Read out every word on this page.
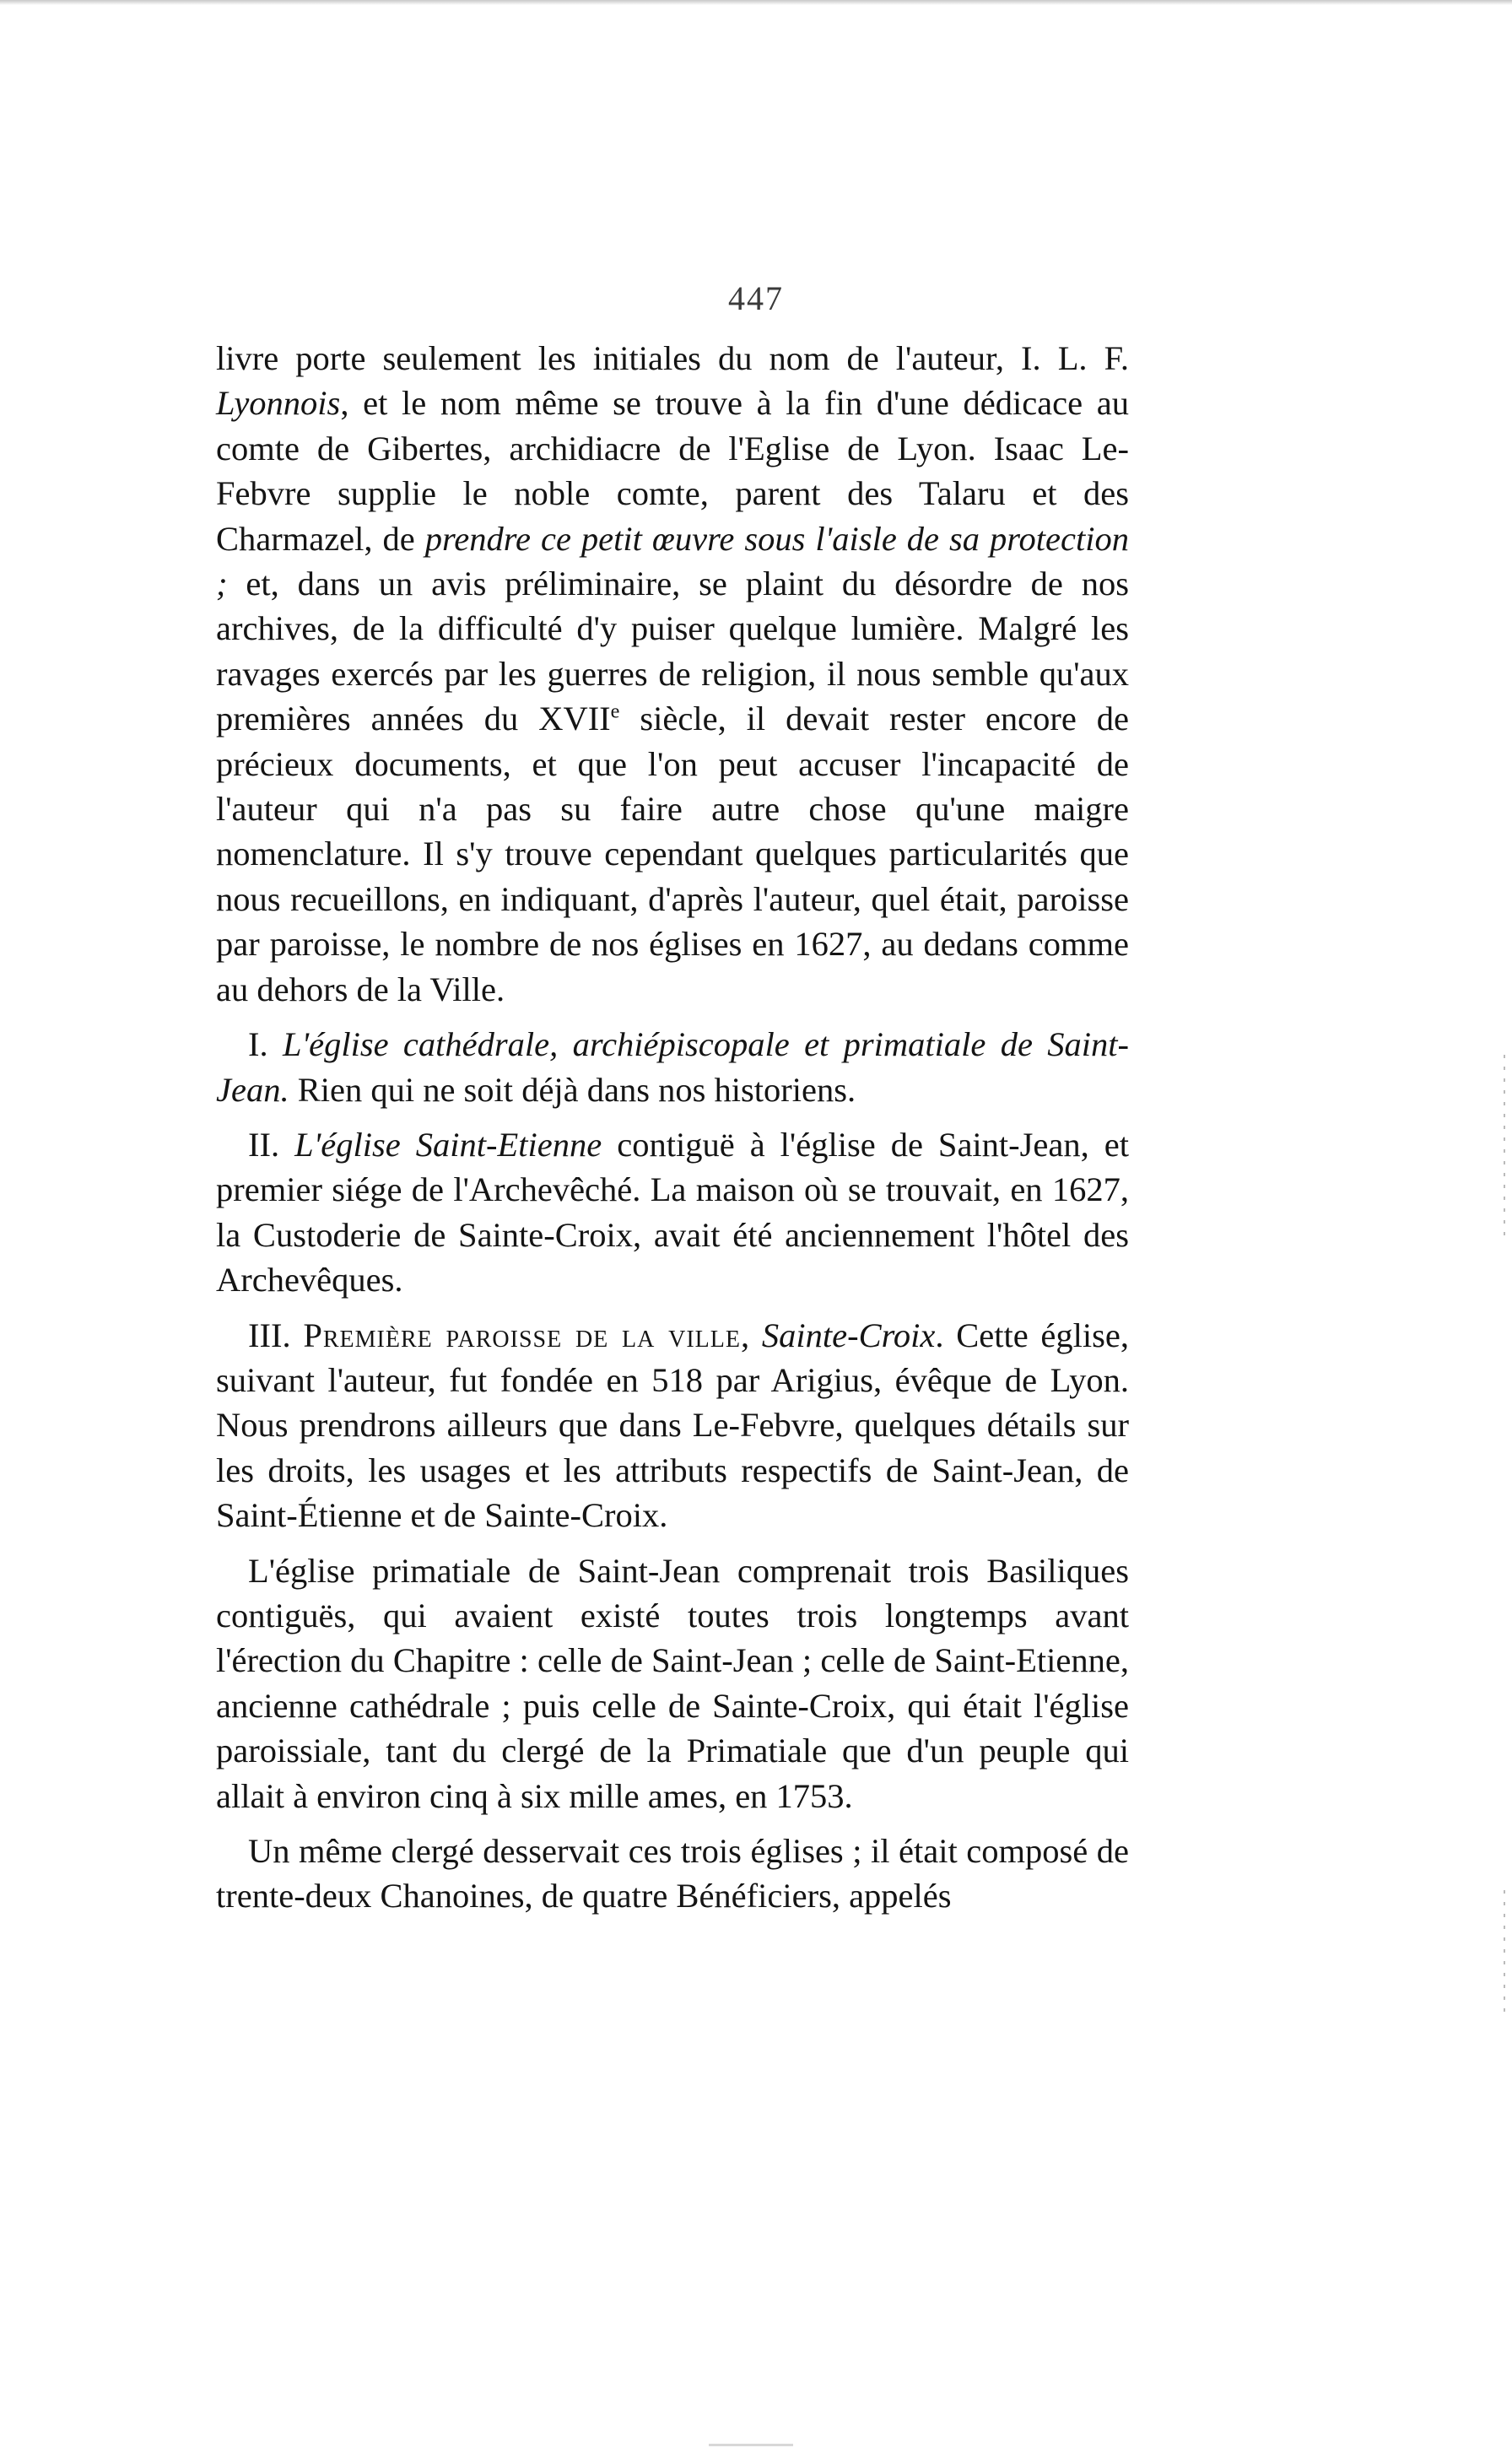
447

livre porte seulement les initiales du nom de l'auteur, I. L. F. Lyonnois, et le nom même se trouve à la fin d'une dédicace au comte de Gibertes, archidiacre de l'Eglise de Lyon. Isaac Le-Febvre supplie le noble comte, parent des Talaru et des Charmazel, de prendre ce petit œuvre sous l'aisle de sa protection ; et, dans un avis préliminaire, se plaint du désordre de nos archives, de la difficulté d'y puiser quelque lumière. Malgré les ravages exercés par les guerres de religion, il nous semble qu'aux premières années du XVIIe siècle, il devait rester encore de précieux documents, et que l'on peut accuser l'incapacité de l'auteur qui n'a pas su faire autre chose qu'une maigre nomenclature. Il s'y trouve cependant quelques particularités que nous recueillons, en indiquant, d'après l'auteur, quel était, paroisse par paroisse, le nombre de nos églises en 1627, au dedans comme au dehors de la Ville.

I. L'église cathédrale, archiépiscopale et primatiale de Saint-Jean. Rien qui ne soit déjà dans nos historiens.

II. L'église Saint-Etienne contiguë à l'église de Saint-Jean, et premier siége de l'Archevêché. La maison où se trouvait, en 1627, la Custoderie de Sainte-Croix, avait été anciennement l'hôtel des Archevêques.

III. Première paroisse de la ville, Sainte-Croix. Cette église, suivant l'auteur, fut fondée en 518 par Arigius, évêque de Lyon. Nous prendrons ailleurs que dans Le-Febvre, quelques détails sur les droits, les usages et les attributs respectifs de Saint-Jean, de Saint-Étienne et de Sainte-Croix.

L'église primatiale de Saint-Jean comprenait trois Basiliques contiguës, qui avaient existé toutes trois longtemps avant l'érection du Chapitre : celle de Saint-Jean ; celle de Saint-Etienne, ancienne cathédrale ; puis celle de Sainte-Croix, qui était l'église paroissiale, tant du clergé de la Primatiale que d'un peuple qui allait à environ cinq à six mille ames, en 1753.

Un même clergé desservait ces trois églises ; il était composé de trente-deux Chanoines, de quatre Bénéficiers, appelés
